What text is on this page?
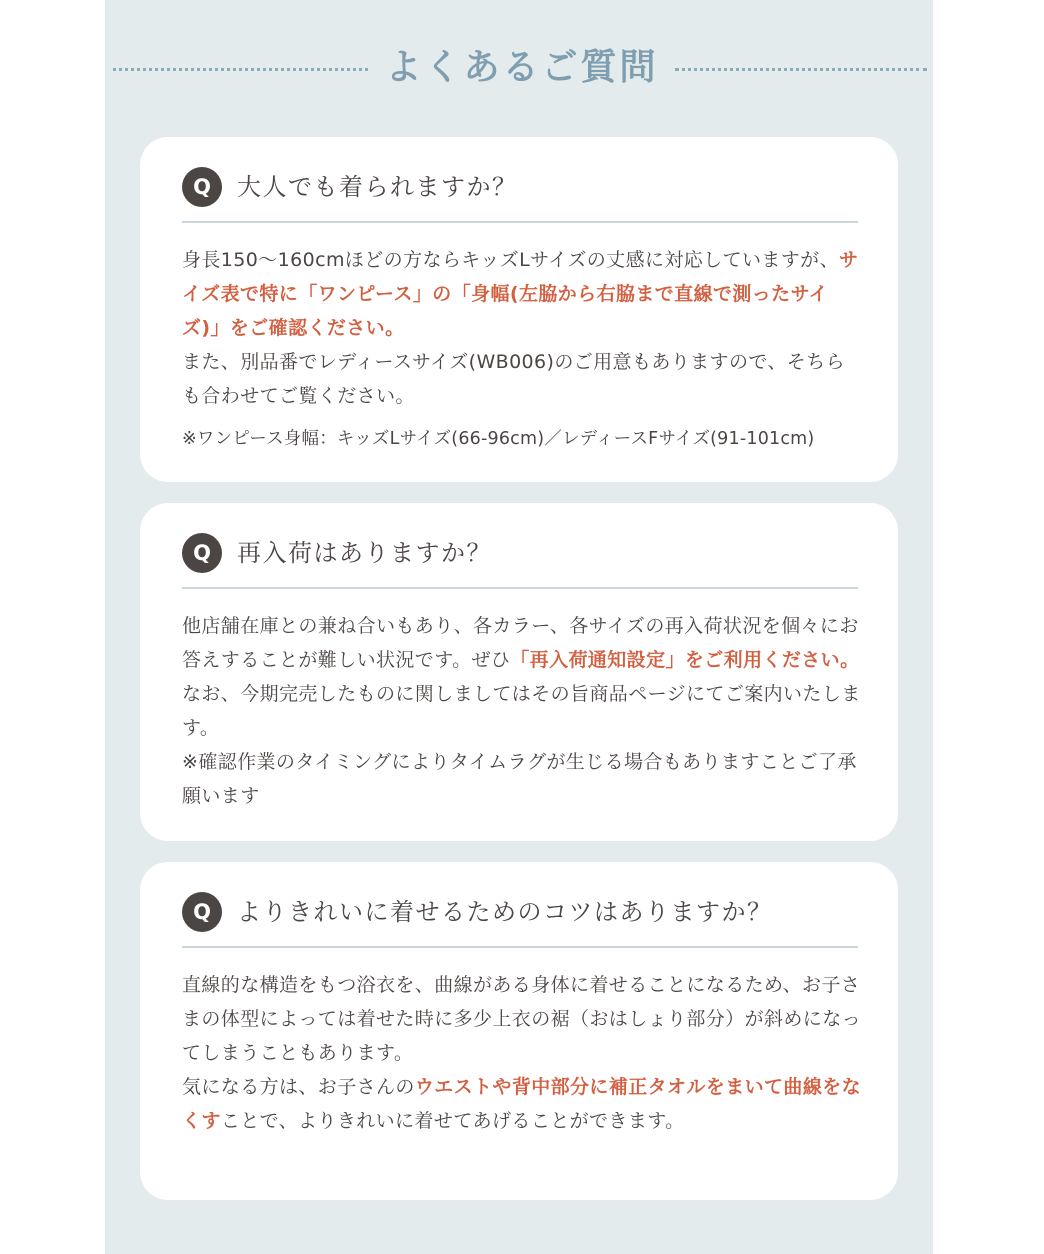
よくあるご質問
Q	大人でも着られますか？

身長150〜160cmほどの方ならキッズLサイズの丈感に対応していますが、サイズ表で特に「ワンピース」の「身幅(左脇から右脇まで直線で測ったサイズ)」をご確認ください。

また、別品番でレディースサイズ(WB006)のご用意もありますので、そちらも合わせてご覧ください。

※ワンピース身幅：キッズLサイズ(66-96cm)／レディースFサイズ(91-101cm)

Q	再入荷はありますか？

他店舗在庫との兼ね合いもあり、各カラー、各サイズの再入荷状況を個々にお答えすることが難しい状況です。ぜひ「再入荷通知設定」をご利用ください。

なお、今期完売したものに関しましてはその旨商品ページにてご案内いたします。

※確認作業のタイミングによりタイムラグが生じる場合もありますことご了承願います

Q	よりきれいに着せるためのコツはありますか？

直線的な構造をもつ浴衣を、曲線がある身体に着せることになるため、お子さまの体型によっては着せた時に多少上衣の裾（おはしょり部分）が斜めになってしまうこともあります。

気になる方は、お子さんのウエストや背中部分に補正タオルをまいて曲線をなくすことで、よりきれいに着せてあげることができます。
